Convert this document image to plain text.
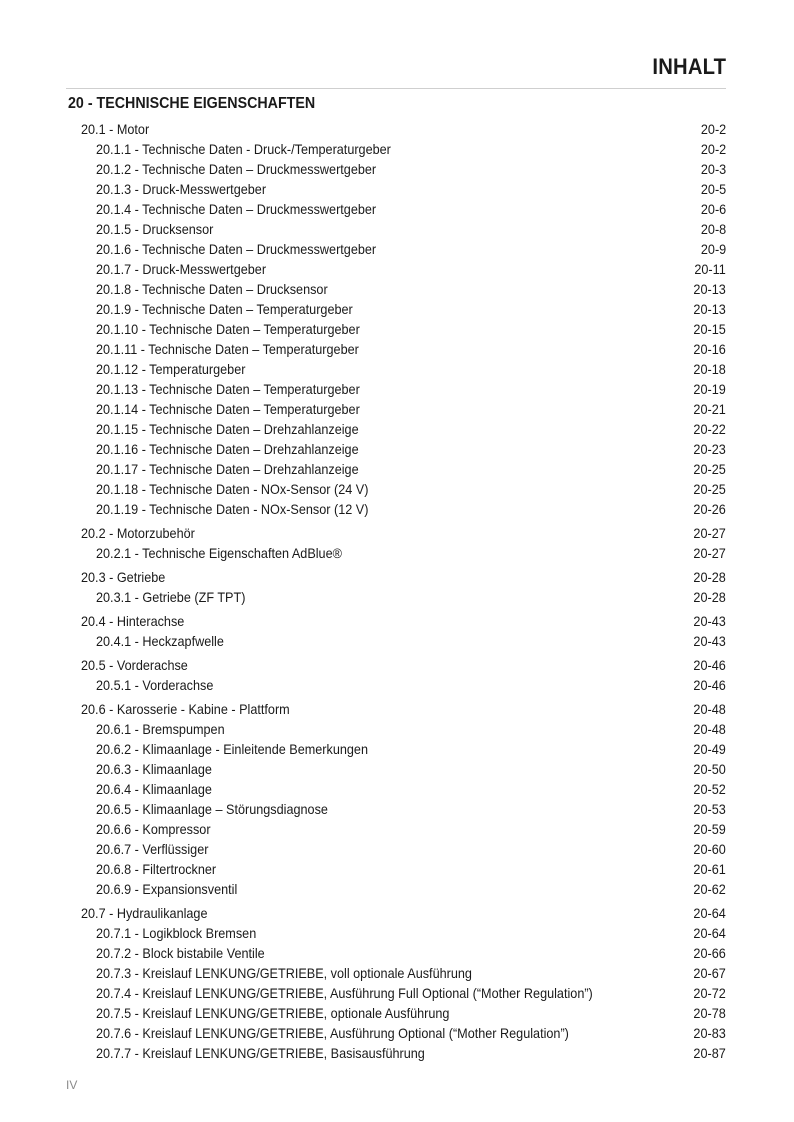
INHALT
20 - TECHNISCHE EIGENSCHAFTEN
20.1 - Motor	20-2
20.1.1 - Technische Daten - Druck-/Temperaturgeber	20-2
20.1.2 - Technische Daten – Druckmesswertgeber	20-3
20.1.3 - Druck-Messwertgeber	20-5
20.1.4 - Technische Daten – Druckmesswertgeber	20-6
20.1.5 - Drucksensor	20-8
20.1.6 - Technische Daten – Druckmesswertgeber	20-9
20.1.7 - Druck-Messwertgeber	20-11
20.1.8 - Technische Daten – Drucksensor	20-13
20.1.9 - Technische Daten – Temperaturgeber	20-13
20.1.10 - Technische Daten – Temperaturgeber	20-15
20.1.11 - Technische Daten – Temperaturgeber	20-16
20.1.12 - Temperaturgeber	20-18
20.1.13 - Technische Daten – Temperaturgeber	20-19
20.1.14 - Technische Daten – Temperaturgeber	20-21
20.1.15 - Technische Daten – Drehzahlanzeige	20-22
20.1.16 - Technische Daten – Drehzahlanzeige	20-23
20.1.17 - Technische Daten – Drehzahlanzeige	20-25
20.1.18 - Technische Daten - NOx-Sensor (24 V)	20-25
20.1.19 - Technische Daten - NOx-Sensor (12 V)	20-26
20.2 - Motorzubehör	20-27
20.2.1 - Technische Eigenschaften AdBlue®	20-27
20.3 - Getriebe	20-28
20.3.1 - Getriebe (ZF TPT)	20-28
20.4 - Hinterachse	20-43
20.4.1 - Heckzapfwelle	20-43
20.5 - Vorderachse	20-46
20.5.1 - Vorderachse	20-46
20.6 - Karosserie - Kabine - Plattform	20-48
20.6.1 - Bremspumpen	20-48
20.6.2 - Klimaanlage - Einleitende Bemerkungen	20-49
20.6.3 - Klimaanlage	20-50
20.6.4 - Klimaanlage	20-52
20.6.5 - Klimaanlage – Störungsdiagnose	20-53
20.6.6 - Kompressor	20-59
20.6.7 - Verflüssiger	20-60
20.6.8 - Filtertrockner	20-61
20.6.9 - Expansionsventil	20-62
20.7 - Hydraulikanlage	20-64
20.7.1 - Logikblock Bremsen	20-64
20.7.2 - Block bistabile Ventile	20-66
20.7.3 - Kreislauf LENKUNG/GETRIEBE, voll optionale Ausführung	20-67
20.7.4 - Kreislauf LENKUNG/GETRIEBE, Ausführung Full Optional (“Mother Regulation”)	20-72
20.7.5 - Kreislauf LENKUNG/GETRIEBE, optionale Ausführung	20-78
20.7.6 - Kreislauf LENKUNG/GETRIEBE, Ausführung Optional (“Mother Regulation”)	20-83
20.7.7 - Kreislauf LENKUNG/GETRIEBE, Basisausführung	20-87
IV
